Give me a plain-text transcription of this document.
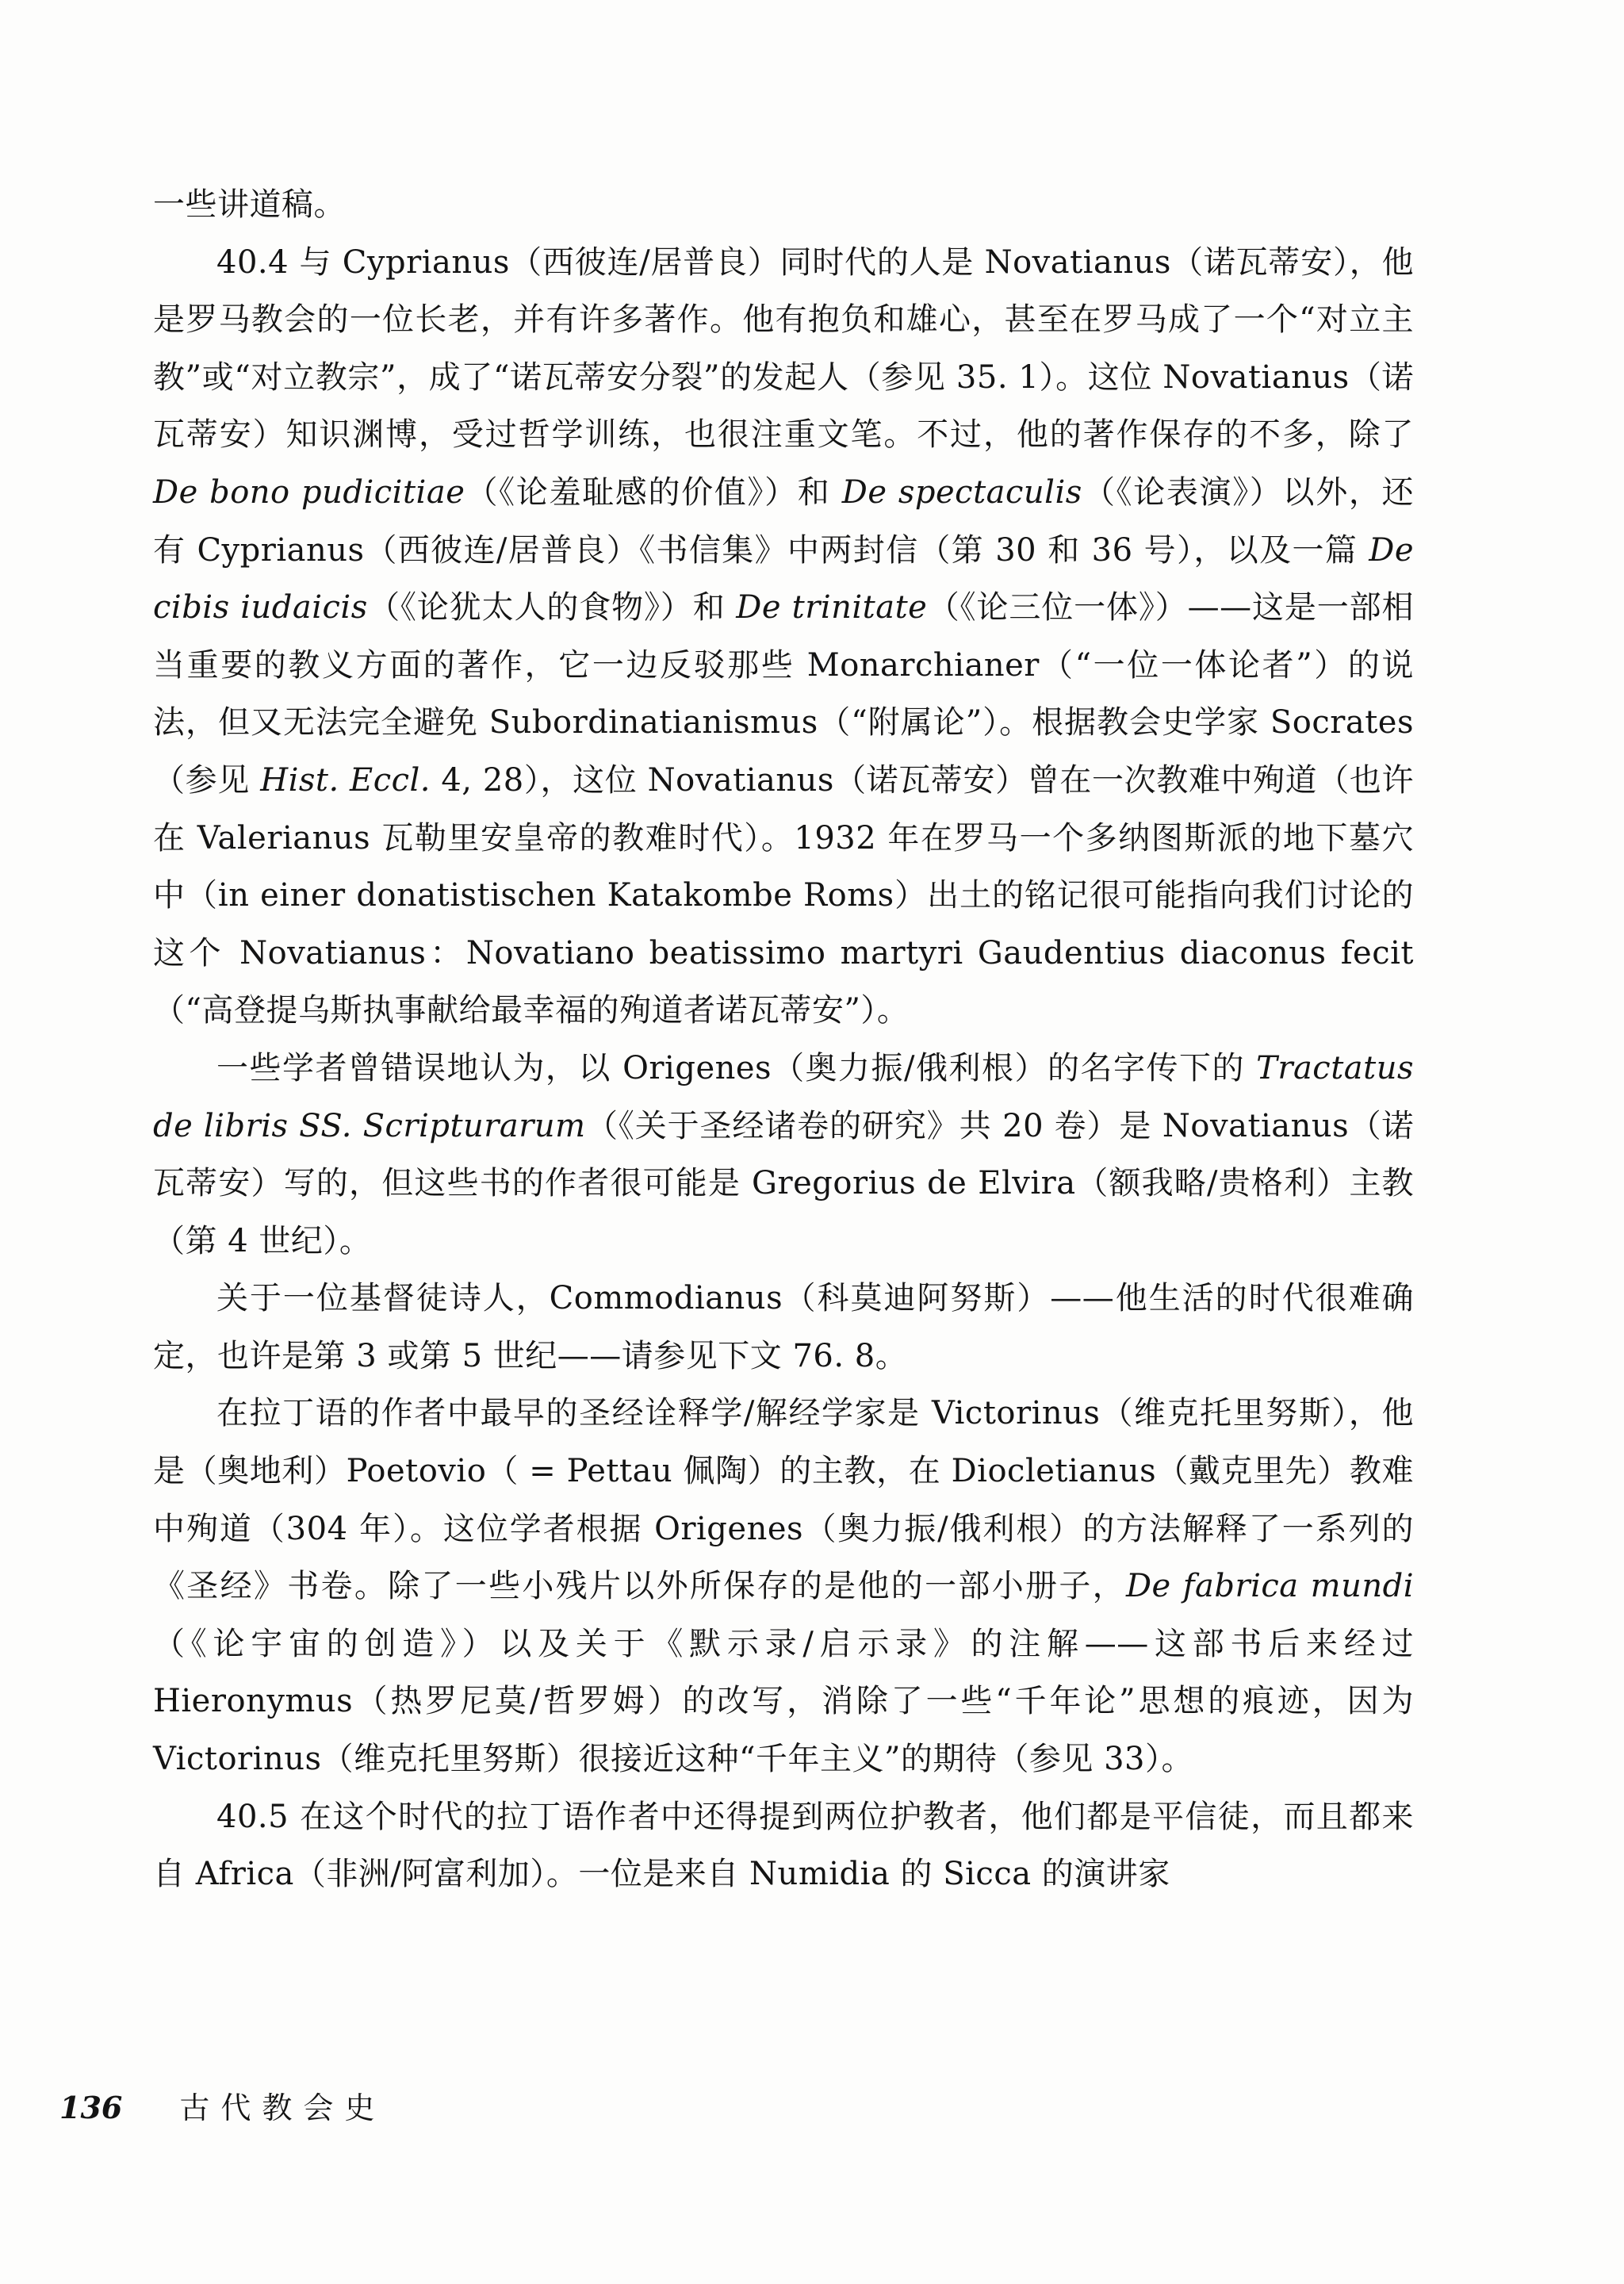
一些讲道稿。

40.4 与 Cyprianus（西彼连/居普良）同时代的人是 Novatianus（诺瓦蒂安），他是罗马教会的一位长老，并有许多著作。他有抱负和雄心，甚至在罗马成了一个“对立主教”或“对立教宗”，成了“诺瓦蒂安分裂”的发起人（参见 35. 1）。这位 Novatianus（诺瓦蒂安）知识渊博，受过哲学训练，也很注重文笔。不过，他的著作保存的不多，除了 De bono pudicitiae（《论羞耻感的价值》）和 De spectaculis（《论表演》）以外，还有 Cyprianus（西彼连/居普良）《书信集》中两封信（第 30 和 36 号），以及一篇 De cibis iudaicis（《论犹太人的食物》）和 De trinitate（《论三位一体》）——这是一部相当重要的教义方面的著作，它一边反驳那些 Monarchianer（“一位一体论者”）的说法，但又无法完全避免 Subordinatianismus（“附属论”）。根据教会史学家 Socrates（参见 Hist. Eccl. 4, 28），这位 Novatianus（诺瓦蒂安）曾在一次教难中殉道（也许在 Valerianus 瓦勒里安皇帝的教难时代）。1932 年在罗马一个多纳图斯派的地下墓穴中（in einer donatistischen Katakombe Roms）出土的铭记很可能指向我们讨论的这个 Novatianus：Novatiano beatissimo martyri Gaudentius diaconus fecit（“高登提乌斯执事献给最幸福的殉道者诺瓦蒂安”）。

一些学者曾错误地认为，以 Origenes（奥力振/俄利根）的名字传下的 Tractatus de libris SS. Scripturarum（《关于圣经诸卷的研究》共 20 卷）是 Novatianus（诺瓦蒂安）写的，但这些书的作者很可能是 Gregorius de Elvira（额我略/贵格利）主教（第 4 世纪）。

关于一位基督徒诗人，Commodianus（科莫迪阿努斯）——他生活的时代很难确定，也许是第 3 或第 5 世纪——请参见下文 76. 8。

在拉丁语的作者中最早的圣经诠释学/解经学家是 Victorinus（维克托里努斯），他是（奥地利）Poetovio（ = Pettau 佩陶）的主教，在 Diocletianus（戴克里先）教难中殉道（304 年）。这位学者根据 Origenes（奥力振/俄利根）的方法解释了一系列的《圣经》书卷。除了一些小残片以外所保存的是他的一部小册子，De fabrica mundi（《论宇宙的创造》）以及关于《默示录/启示录》的注解——这部书后来经过 Hieronymus（热罗尼莫/哲罗姆）的改写，消除了一些“千年论”思想的痕迹，因为 Victorinus（维克托里努斯）很接近这种“千年主义”的期待（参见 33）。

40.5 在这个时代的拉丁语作者中还得提到两位护教者，他们都是平信徒，而且都来自 Africa（非洲/阿富利加）。一位是来自 Numidia 的 Sicca 的演讲家

136 古代教会史
